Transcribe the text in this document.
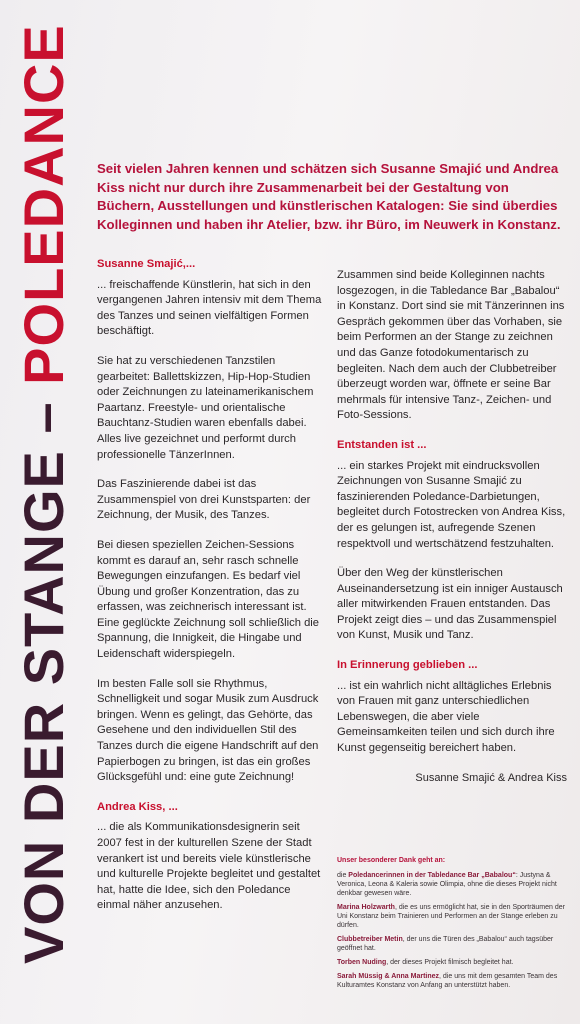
VON DER STANGE – POLEDANCE Seit vielen Jahren kennen und schätzen sich Susanne Smajić und Andrea Kiss nicht nur durch ihre Zusammenarbeit bei der Gestaltung von Büchern, Ausstellungen und künstlerischen Katalogen: Sie sind überdies Kolleginnen und haben ihr Atelier, bzw. ihr Büro, im Neuwerk in Konstanz.
Susanne Smajić,...

... freischaffende Künstlerin, hat sich in den vergangenen Jahren intensiv mit dem Thema des Tanzes und seinen vielfältigen Formen beschäftigt.

Sie hat zu verschiedenen Tanzstilen gearbeitet: Ballettskizzen, Hip-Hop-Studien oder Zeichnungen zu lateinamerikanischem Paartanz. Freestyle- und orientalische Bauchtanz-Studien waren ebenfalls dabei. Alles live gezeichnet und performt durch professionelle TänzerInnen.

Das Faszinierende dabei ist das Zusammenspiel von drei Kunstsparten: der Zeichnung, der Musik, des Tanzes.

Bei diesen speziellen Zeichen-Sessions kommt es darauf an, sehr rasch schnelle Bewegungen einzufangen. Es bedarf viel Übung und großer Konzentration, das zu erfassen, was zeichnerisch interessant ist. Eine geglückte Zeichnung soll schließlich die Spannung, die Innigkeit, die Hingabe und Leidenschaft widerspiegeln.

Im besten Falle soll sie Rhythmus, Schnelligkeit und sogar Musik zum Ausdruck bringen. Wenn es gelingt, das Gehörte, das Gesehene und den individuellen Stil des Tanzes durch die eigene Handschrift auf den Papierbogen zu bringen, ist das ein großes Glücksgefühl und: eine gute Zeichnung!

Andrea Kiss, ...

... die als Kommunikationsdesignerin seit 2007 fest in der kulturellen Szene der Stadt verankert ist und bereits viele künstlerische und kulturelle Projekte begleitet und gestaltet hat, hatte die Idee, sich den Poledance einmal näher anzusehen.

Zusammen sind beide Kolleginnen nachts losgezogen, in die Tabledance Bar „Babalou“ in Konstanz. Dort sind sie mit Tänzerinnen ins Gespräch gekommen über das Vorhaben, sie beim Performen an der Stange zu zeichnen und das Ganze fotodokumentarisch zu begleiten. Nach dem auch der Clubbetreiber überzeugt worden war, öffnete er seine Bar mehrmals für intensive Tanz-, Zeichen- und Foto-Sessions.

Entstanden ist ...

... ein starkes Projekt mit eindrucksvollen Zeichnungen von Susanne Smajić zu faszinierenden Poledance-Darbietungen, begleitet durch Fotostrecken von Andrea Kiss, der es gelungen ist, aufregende Szenen respektvoll und wertschätzend festzuhalten.

Über den Weg der künstlerischen Auseinandersetzung ist ein inniger Austausch aller mitwirkenden Frauen entstanden. Das Projekt zeigt dies – und das Zusammenspiel von Kunst, Musik und Tanz.

In Erinnerung geblieben ...

... ist ein wahrlich nicht alltägliches Erlebnis von Frauen mit ganz unterschiedlichen Lebenswegen, die aber viele Gemeinsamkeiten teilen und sich durch ihre Kunst gegenseitig bereichert haben.

Susanne Smajić & Andrea Kiss
Unser besonderer Dank geht an:
die Poledancerinnen in der Tabledance Bar „Babalou“: Justyna & Veronica, Leona & Kaleria sowie Olimpia, ohne die dieses Projekt nicht denkbar gewesen wäre.
Marina Holzwarth, die es uns ermöglicht hat, sie in den Sporträumen der Uni Konstanz beim Trainieren und Performen an der Stange erleben zu dürfen.
Clubbetreiber Metin, der uns die Türen des „Babalou“ auch tagsüber geöffnet hat.
Torben Nuding, der dieses Projekt filmisch begleitet hat.
Sarah Müssig & Anna Martinez, die uns mit dem gesamten Team des Kulturamtes Konstanz von Anfang an unterstützt haben.
